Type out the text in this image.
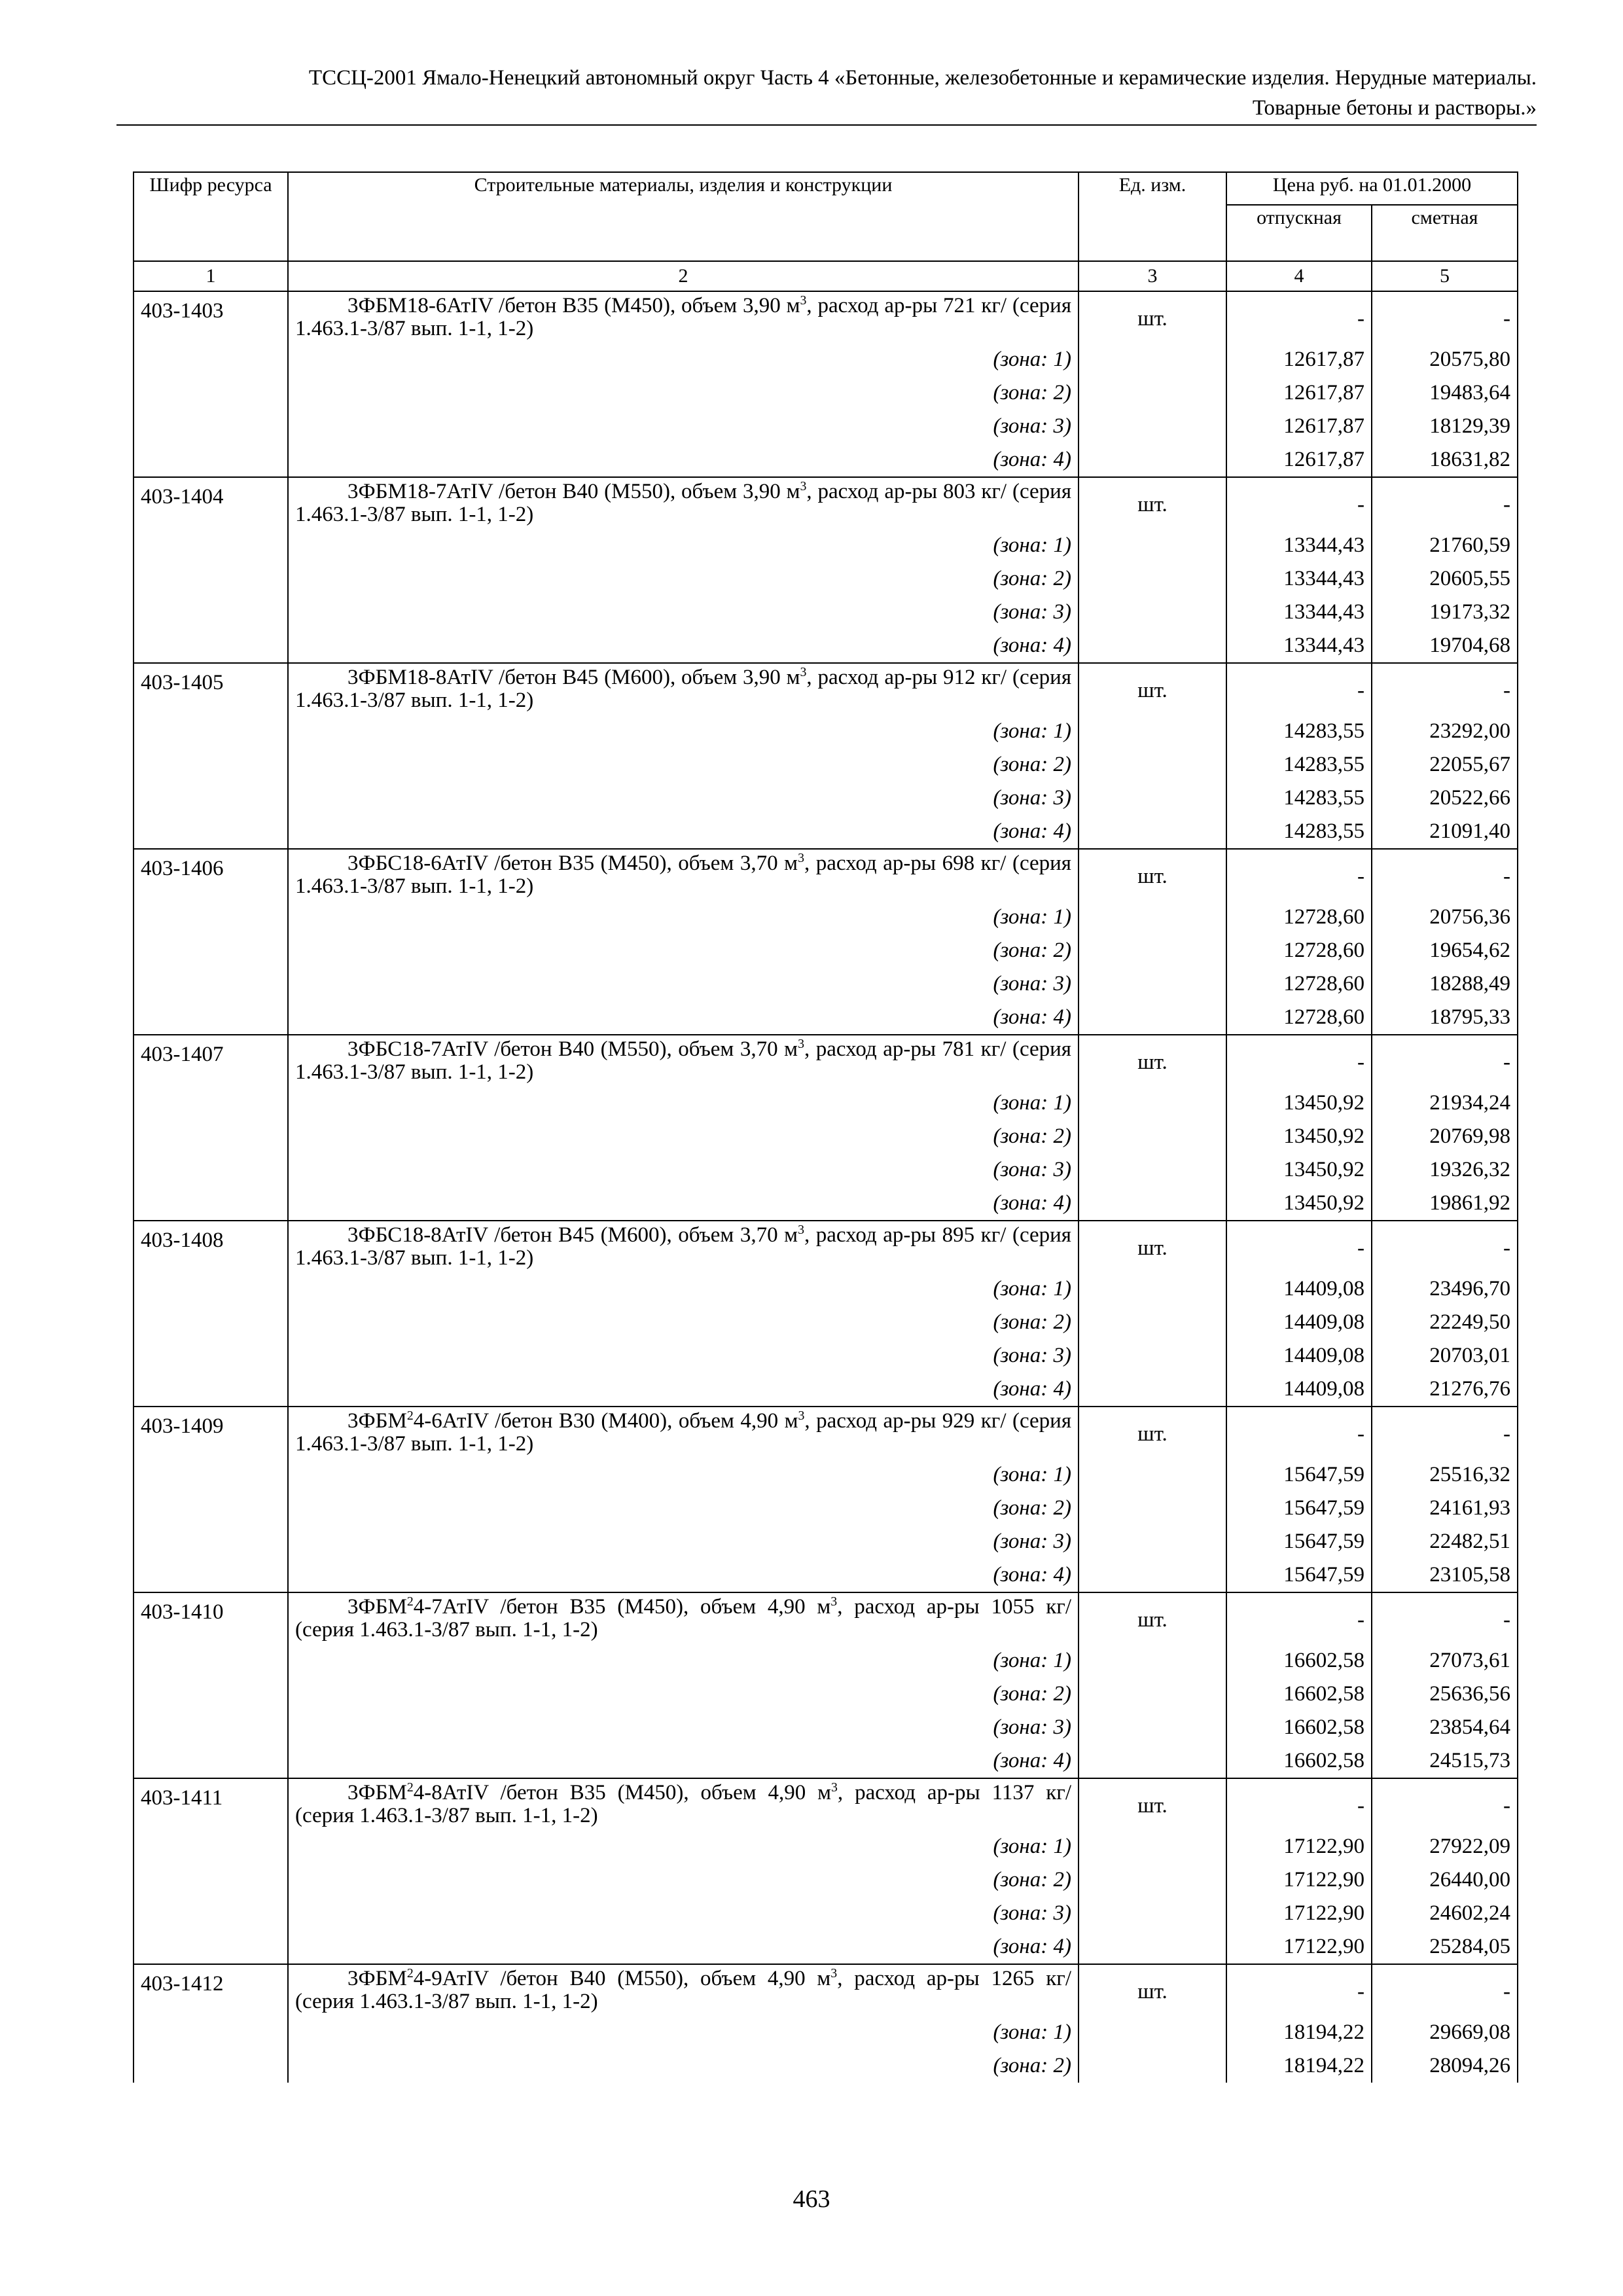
ТССЦ-2001 Ямало-Ненецкий автономный округ Часть 4 «Бетонные, железобетонные и керамические изделия. Нерудные материалы.
Товарные бетоны и растворы.»
Шифр ресурса	Строительные материалы, изделия и конструкции	Ед. изм.	Цена руб. на 01.01.2000	
			отпускная	сметная
1	2	3	4	5
403-1403	3ФБМ18-6АтIV /бетон В35 (М450), объем 3,90 $м^3$, расход ар-ры 721 кг/ (серия 1.463.1-3/87 вып. 1-1, 1-2)	шт.	-	-

	(зона: 1)		12617,87	20575,80

	(зона: 2)		12617,87	19483,64

	(зона: 3)		12617,87	18129,39

	(зона: 4)		12617,87	18631,82
403-1404	3ФБМ18-7АтIV /бетон В40 (М550), объем 3,90 $м^3$, расход ар-ры 803 кг/ (серия 1.463.1-3/87 вып. 1-1, 1-2)	шт.	-	-

	(зона: 1)		13344,43	21760,59

	(зона: 2)		13344,43	20605,55

	(зона: 3)		13344,43	19173,32

	(зона: 4)		13344,43	19704,68
403-1405	3ФБМ18-8АтIV /бетон В45 (М600), объем 3,90 $м^3$, расход ар-ры 912 кг/ (серия 1.463.1-3/87 вып. 1-1, 1-2)	шт.	-	-

	(зона: 1)		14283,55	23292,00

	(зона: 2)		14283,55	22055,67

	(зона: 3)		14283,55	20522,66

	(зона: 4)		14283,55	21091,40
403-1406	3ФБС18-6АтIV /бетон В35 (М450), объем 3,70 $м^3$, расход ар-ры 698 кг/ (серия 1.463.1-3/87 вып. 1-1, 1-2)	шт.	-	-

	(зона: 1)		12728,60	20756,36

	(зона: 2)		12728,60	19654,62

	(зона: 3)		12728,60	18288,49

	(зона: 4)		12728,60	18795,33
403-1407	3ФБС18-7АтIV /бетон В40 (М550), объем 3,70 $м^3$, расход ар-ры 781 кг/ (серия 1.463.1-3/87 вып. 1-1, 1-2)	шт.	-	-

	(зона: 1)		13450,92	21934,24

	(зона: 2)		13450,92	20769,98

	(зона: 3)		13450,92	19326,32

	(зона: 4)		13450,92	19861,92
403-1408	3ФБС18-8АтIV /бетон В45 (М600), объем 3,70 $м^3$, расход ар-ры 895 кг/ (серия 1.463.1-3/87 вып. 1-1, 1-2)	шт.	-	-

	(зона: 1)		14409,08	23496,70

	(зона: 2)		14409,08	22249,50

	(зона: 3)		14409,08	20703,01

	(зона: 4)		14409,08	21276,76
403-1409	3ФБМ$^2$4-6АтIV /бетон В30 (М400), объем 4,90 $м^3$, расход ар-ры 929 кг/ (серия 1.463.1-3/87 вып. 1-1, 1-2)	шт.	-	-

	(зона: 1)		15647,59	25516,32

	(зона: 2)		15647,59	24161,93

	(зона: 3)		15647,59	22482,51

	(зона: 4)		15647,59	23105,58
403-1410	3ФБМ$^2$4-7АтIV /бетон В35 (М450), объем 4,90 $м^3$, расход ар-ры 1055 кг/ (серия 1.463.1-3/87 вып. 1-1, 1-2)	шт.	-	-

	(зона: 1)		16602,58	27073,61

	(зона: 2)		16602,58	25636,56

	(зона: 3)		16602,58	23854,64

	(зона: 4)		16602,58	24515,73
403-1411	3ФБМ$^2$4-8АтIV /бетон В35 (М450), объем 4,90 $м^3$, расход ар-ры 1137 кг/ (серия 1.463.1-3/87 вып. 1-1, 1-2)	шт.	-	-

	(зона: 1)		17122,90	27922,09

	(зона: 2)		17122,90	26440,00

	(зона: 3)		17122,90	24602,24

	(зона: 4)		17122,90	25284,05
403-1412	3ФБМ$^2$4-9АтIV /бетон В40 (М550), объем 4,90 $м^3$, расход ар-ры 1265 кг/ (серия 1.463.1-3/87 вып. 1-1, 1-2)	шт.	-	-

	(зона: 1)		18194,22	29669,08

	(зона: 2)		18194,22	28094,26
463
